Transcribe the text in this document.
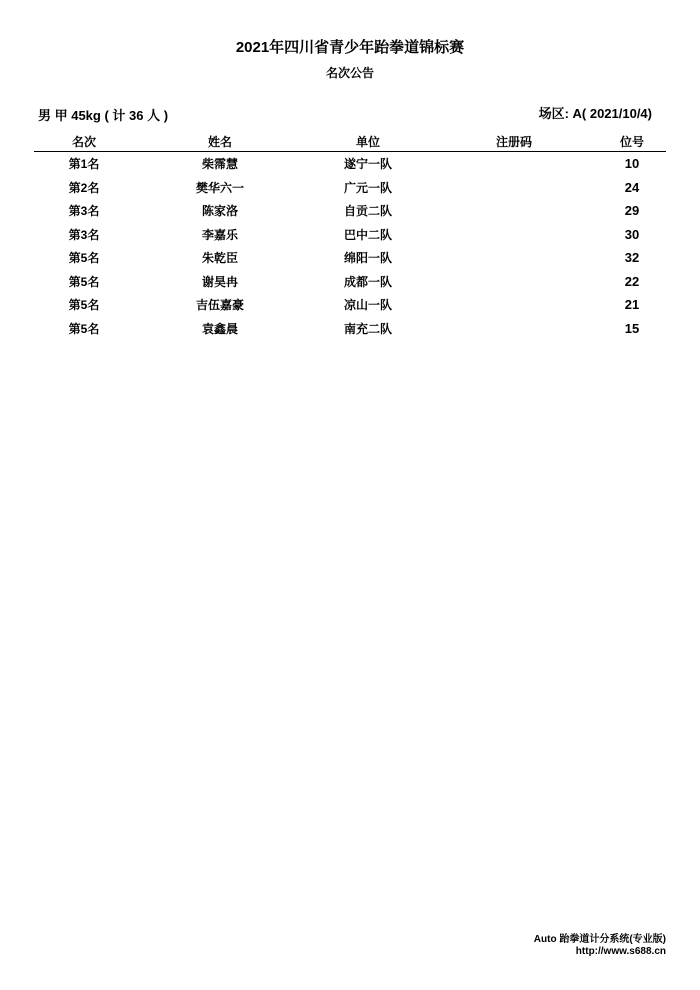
2021年四川省青少年跆拳道锦标赛
名次公告
男 甲 45kg ( 计 36 人 )	场区: A( 2021/10/4)
名次	姓名	单位	注册码	位号
第1名	柴霈慧	遂宁一队		10
第2名	樊华六一	广元一队		24
第3名	陈家洛	自贡二队		29
第3名	李嘉乐	巴中二队		30
第5名	朱乾臣	绵阳一队		32
第5名	谢昊冉	成都一队		22
第5名	吉伍嘉豪	凉山一队		21
第5名	袁鑫晨	南充二队		15
Auto 跆拳道计分系统(专业版)
http://www.s688.cn
